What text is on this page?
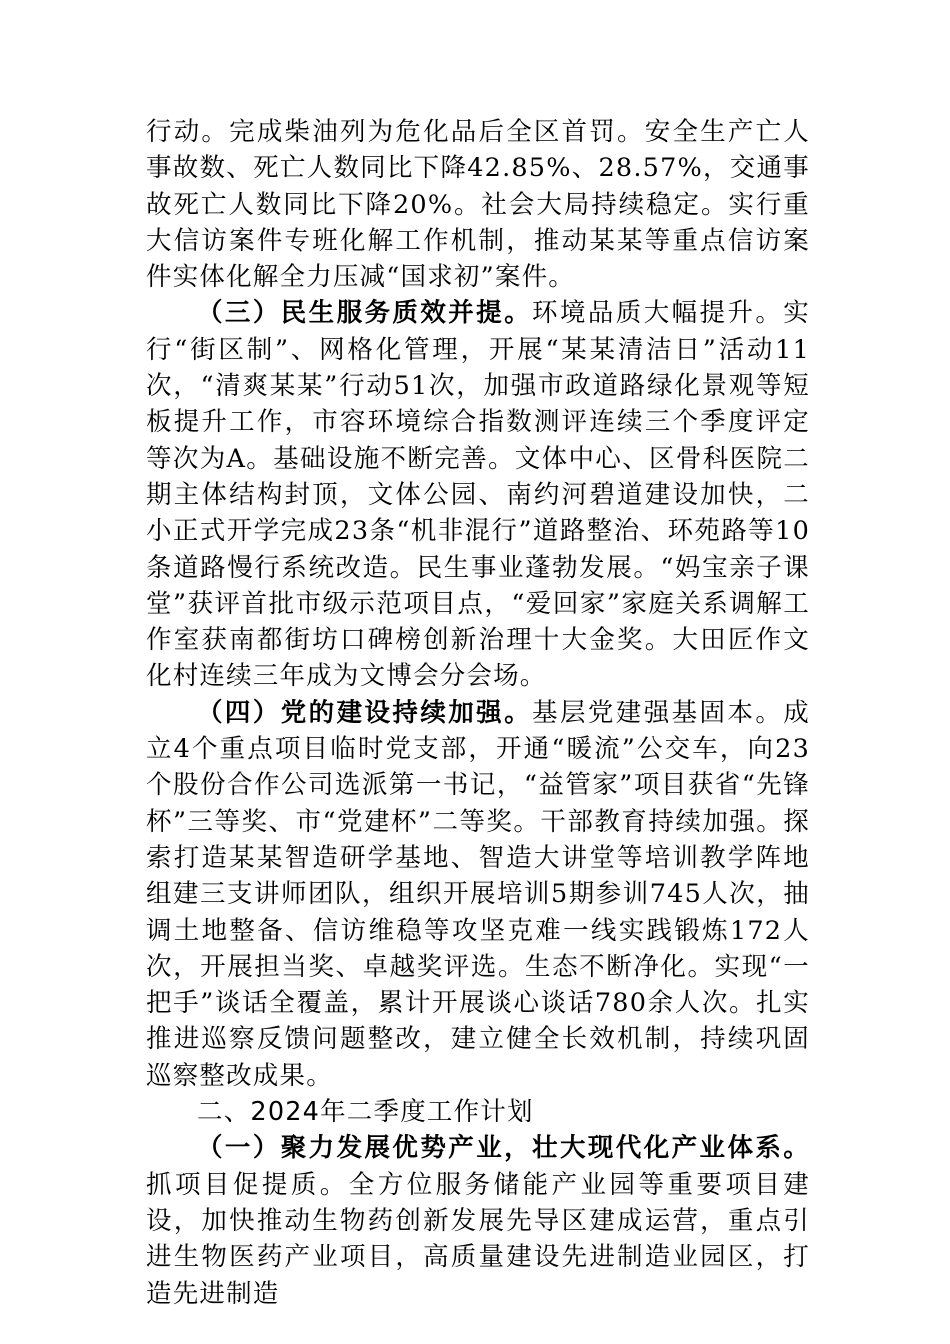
行动。完成柴油列为危化品后全区首罚。安全生产亡人事故数、死亡人数同比下降42.85%、28.57%，交通事故死亡人数同比下降20%。社会大局持续稳定。实行重大信访案件专班化解工作机制，推动某某等重点信访案件实体化解全力压减“国求初”案件。

（三）民生服务质效并提。环境品质大幅提升。实行“街区制”、网格化管理，开展“某某清洁日”活动11次，“清爽某某”行动51次，加强市政道路绿化景观等短板提升工作，市容环境综合指数测评连续三个季度评定等次为A。基础设施不断完善。文体中心、区骨科医院二期主体结构封顶，文体公园、南约河碧道建设加快，二小正式开学完成23条“机非混行”道路整治、环苑路等10条道路慢行系统改造。民生事业蓬勃发展。“妈宝亲子课堂”获评首批市级示范项目点，“爱回家”家庭关系调解工作室获南都街坊口碑榜创新治理十大金奖。大田匠作文化村连续三年成为文博会分会场。

（四）党的建设持续加强。基层党建强基固本。成立4个重点项目临时党支部，开通“暖流”公交车，向23个股份合作公司选派第一书记，“益管家”项目获省“先锋杯”三等奖、市“党建杯”二等奖。干部教育持续加强。探索打造某某智造研学基地、智造大讲堂等培训教学阵地组建三支讲师团队，组织开展培训5期参训745人次，抽调土地整备、信访维稳等攻坚克难一线实践锻炼172人次，开展担当奖、卓越奖评选。生态不断净化。实现“一把手”谈话全覆盖，累计开展谈心谈话780余人次。扎实推进巡察反馈问题整改，建立健全长效机制，持续巩固巡察整改成果。

二、2024年二季度工作计划

（一）聚力发展优势产业，壮大现代化产业体系。抓项目促提质。全方位服务储能产业园等重要项目建设，加快推动生物药创新发展先导区建成运营，重点引进生物医药产业项目，高质量建设先进制造业园区，打造先进制造
